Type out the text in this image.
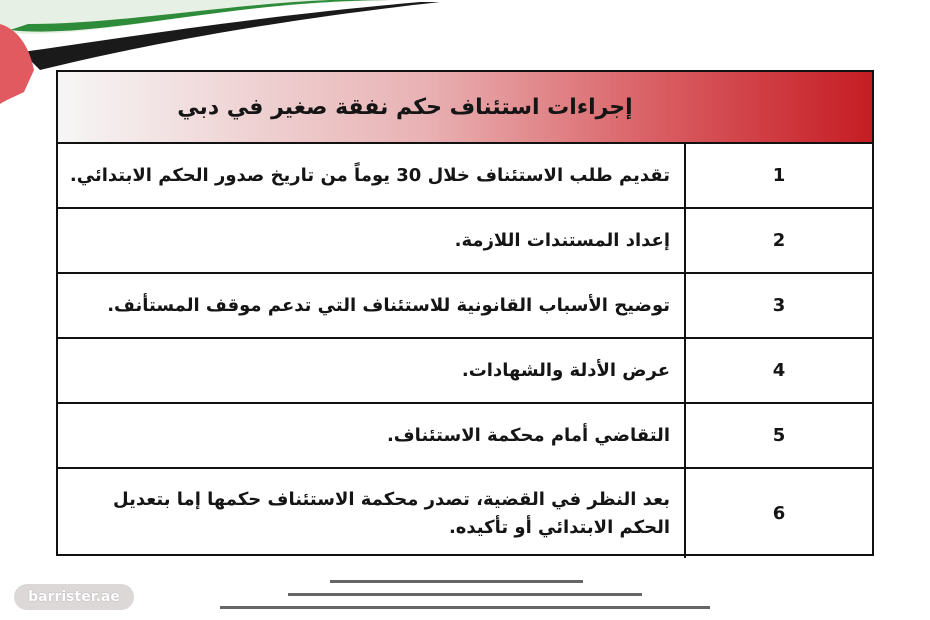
إجراءات استئناف حكم نفقة صغير في دبي
1
تقديم طلب الاستئناف خلال 30 يوماً من تاريخ صدور الحكم الابتدائي.
2
إعداد المستندات اللازمة.
3
توضيح الأسباب القانونية للاستئناف التي تدعم موقف المستأنف.
4
عرض الأدلة والشهادات.
5
التقاضي أمام محكمة الاستئناف.
6
بعد النظر في القضية، تصدر محكمة الاستئناف حكمها إما بتعديل الحكم الابتدائي أو تأكيده.
barrister.ae
